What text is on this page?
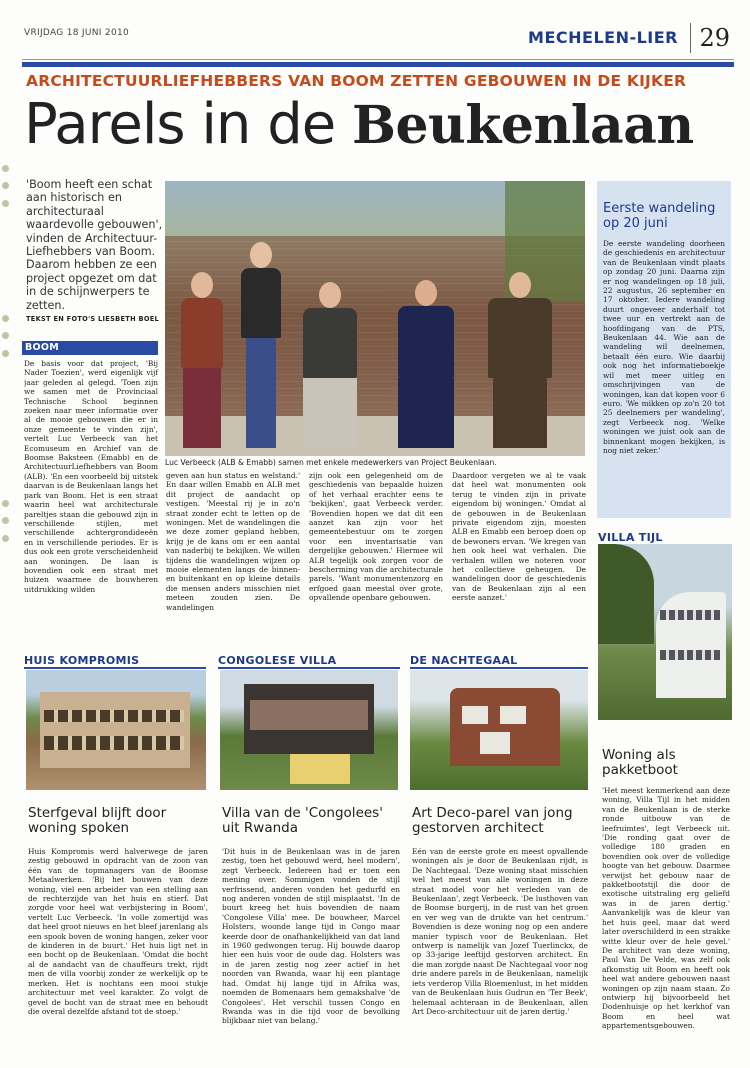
VRIJDAG 18 JUNI 2010	MECHELEN-LIER 29
ARCHITECTUURLIEFHEBBERS VAN BOOM ZETTEN GEBOUWEN IN DE KIJKER
Parels in de Beukenlaan
'Boom heeft een schat aan historisch en architecturaal waardevolle gebouwen', vinden de Architectuur-Liefhebbers van Boom. Daarom hebben ze een project opgezet om dat in de schijnwerpers te zetten.
TEKST EN FOTO'S LIESBETH BOEL
BOOM
De basis voor dat project, 'Bij Nader Toezien', werd eigenlijk vijf jaar geleden al gelegd. 'Toen zijn we samen met de Provinciaal Technische School beginnen zoeken naar meer informatie over al de mooie gebouwen die er in onze gemeente te vinden zijn', vertelt Luc Verbeeck van het Ecomuseum en Archief van de Boomse Baksteen (Emabb) en de ArchitectuurLiefhebbers van Boom (ALB). 'En een voorbeeld bij uitstek daarvan is de Beukenlaan langs het park van Boom. Het is een straat waarin heel wat architecturale pareltjes staan die gebouwd zijn in verschillende stijlen, met verschillende achtergrondideeën en in verschillende periodes. Er is dus ook een grote verscheidenheid aan woningen. De laan is bovendien ook een straat met huizen waarmee de bouwheren uitdrukking wilden
geven aan hun status en welstand.' En daar willen Emabb en ALB met dit project de aandacht op vestigen. 'Meestal rij je in zo'n straat zonder echt te letten op de woningen. Met de wandelingen die we deze zomer gepland hebben, krijg je de kans om er een aantal van naderbij te bekijken. We willen tijdens die wandelingen wijzen op mooie elementen langs de binnen- en buitenkant en op kleine details die mensen anders misschien niet meteen zouden zien. De wandelingen
zijn ook een gelegenheid om de geschiedenis van bepaalde huizen of het verhaal erachter eens te 'bekijken', gaat Verbeeck verder. 'Bovendien hopen we dat dit een aanzet kan zijn voor het gemeentebestuur om te zorgen voor een inventarisatie van dergelijke gebouwen.' Hiermee wil ALB tegelijk ook zorgen voor de bescherming van die architecturale parels. 'Want monumentenzorg en erfgoed gaan meestal over grote, opvallende openbare gebouwen.
Daardoor vergeten we al te vaak dat heel wat monumenten ook terug te vinden zijn in private eigendom bij woningen.' Omdat al de gebouwen in de Beukenlaan private eigendom zijn, moesten ALB en Emabb een beroep doen op de bewoners ervan. 'We kregen van hen ook heel wat verhalen. Die verhalen willen we noteren voor het collectieve geheugen. De wandelingen door de geschiedenis van de Beukenlaan zijn al een eerste aanzet.'
Luc Verbeeck (ALB & Emabb) samen met enkele medewerkers van Project Beukenlaan.
Eerste wandeling op 20 juni
De eerste wandeling doorheen de geschiedenis en architectuur van de Beukenlaan vindt plaats op zondag 20 juni. Daarna zijn er nog wandelingen op 18 juli, 22 augustus, 26 september en 17 oktober. Iedere wandeling duurt ongeveer anderhalf tot twee uur en vertrekt aan de hoofdingang van de PTS, Beukenlaan 44. Wie aan de wandeling wil deelnemen, betaalt één euro. Wie daarbij ook nog het informatieboekje wil met meer uitleg en omschrijvingen van de woningen, kan dat kopen voor 6 euro. 'We mikken op zo'n 20 tot 25 deelnemers per wandeling', zegt Verbeeck nog. 'Welke woningen we juist ook aan de binnenkant mogen bekijken, is nog niet zeker.'
VILLA TIJL
Woning als pakketboot
'Het meest kenmerkend aan deze woning, Villa Tijl in het midden van de Beukenlaan is de sterke ronde uitbouw van de leefruimtes', legt Verbeeck uit. 'Die ronding gaat over de volledige 180 graden en bovendien ook over de volledige hoogte van het gebouw. Daarmee verwijst het gebouw naar de pakketbootstijl die door de exotische uitstraling erg geliefd was in de jaren dertig.' Aanvankelijk was de kleur van het huis geel, maar dat werd later overschilderd in een strakke witte kleur over de hele gevel.' De architect van deze woning, Paul Van De Velde, was zelf ook afkomstig uit Boom en heeft ook heel wat andere gebouwen naast woningen op zijn naam staan. Zo ontwierp hij bijvoorbeeld het Dodenhuisje op het kerkhof van Boom en heel wat appartementsgebouwen.
HUIS KOMPROMIS	CONGOLESE VILLA	DE NACHTEGAAL
Sterfgeval blijft door woning spoken
Villa van de 'Congolees' uit Rwanda
Art Deco-parel van jong gestorven architect
Huis Kompromis werd halverwege de jaren zestig gebouwd in opdracht van de zoon van één van de topmanagers van de Boomse Metaalwerken. 'Bij het bouwen van deze woning, viel een arbeider van een stelling aan de rechterzijde van het huis en stierf. Dat zorgde voor heel wat verbijstering in Boom', vertelt Luc Verbeeck. 'In volle zomertijd was dat heel groot nieuws en het bleef jarenlang als een spook boven de woning hangen, zeker voor de kinderen in de buurt.' Het huis ligt net in een bocht op de Beukenlaan. 'Omdat die bocht al de aandacht van de chauffeurs trekt, rijdt men de villa voorbij zonder ze werkelijk op te merken. Het is nochtans een mooi stukje architectuur met veel karakter. Zo volgt de gevel de bocht van de straat mee en behoudt die overal dezelfde afstand tot de stoep.'
'Dit huis in de Beukenlaan was in de jaren zestig, toen het gebouwd werd, heel modern', zegt Verbeeck. Iedereen had er toen een mening over. Sommigen vonden de stijl verfrissend, anderen vonden het gedurfd en nog anderen vonden de stijl misplaatst. 'In de buurt kreeg het huis bovendien de naam 'Congolese Villa' mee. De bouwheer, Marcel Holsters, woonde lange tijd in Congo maar keerde door de onafhankelijkheid van dat land in 1960 gedwongen terug. Hij bouwde daarop hier een huis voor de oude dag. Holsters was in de jaren zestig nog zeer actief in het noorden van Rwanda, waar hij een plantage had. Omdat hij lange tijd in Afrika was, noemden de Bomenaars hem gemakshalve 'de Congolees'. Het verschil tussen Congo en Rwanda was in die tijd voor de bevolking blijkbaar niet van belang.'
Eén van de eerste grote en meest opvallende woningen als je door de Beukenlaan rijdt, is De Nachtegaal. 'Deze woning staat misschien wel het meest van alle woningen in deze straat model voor het verleden van de Beukenlaan', zegt Verbeeck. 'De lusthoven van de Boomse burgerij, in de rust van het groen en ver weg van de drukte van het centrum.' Bovendien is deze woning nog op een andere manier typisch voor de Beukenlaan. Het ontwerp is namelijk van Jozef Tuerlinckx, de op 33-jarige leeftijd gestorven architect. En die man zorgde naast De Nachtegaal voor nog drie andere parels in de Beukenlaan, namelijk iets verderop Villa Bloemenlust, in het midden van de Beukenlaan huis Gudrun en 'Ter Beek', helemaal achteraan in de Beukenlaan, allen Art Deco-architectuur uit de jaren dertig.'
